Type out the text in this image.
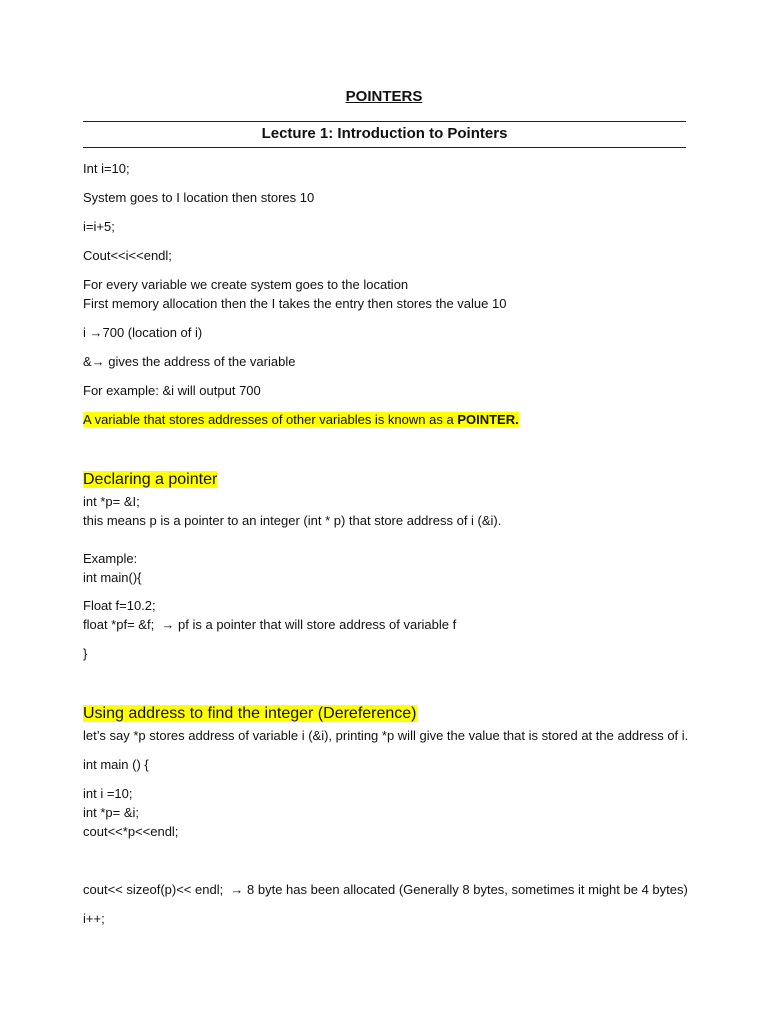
POINTERS
Lecture 1: Introduction to Pointers
Int i=10;
System goes to I location then stores 10
i=i+5;
Cout<<i<<endl;
For every variable we create system goes to the location
First memory allocation then the I takes the entry then stores the value 10
i →700 (location of i)
&→ gives the address of the variable
For example: &i will output 700
A variable that stores addresses of other variables is known as a POINTER.
Declaring a pointer
int *p= &I;
this means p is a pointer to an integer (int * p) that store address of i (&i).
Example:
int main(){
Float f=10.2;
float *pf= &f;  → pf is a pointer that will store address of variable f
}
Using address to find the integer (Dereference)
let’s say *p stores address of variable i (&i), printing *p will give the value that is stored at the address of i.
int main () {
int i =10;
int *p= &i;
cout<<*p<<endl;
cout<< sizeof(p)<< endl;  → 8 byte has been allocated (Generally 8 bytes, sometimes it might be 4 bytes)
i++;
